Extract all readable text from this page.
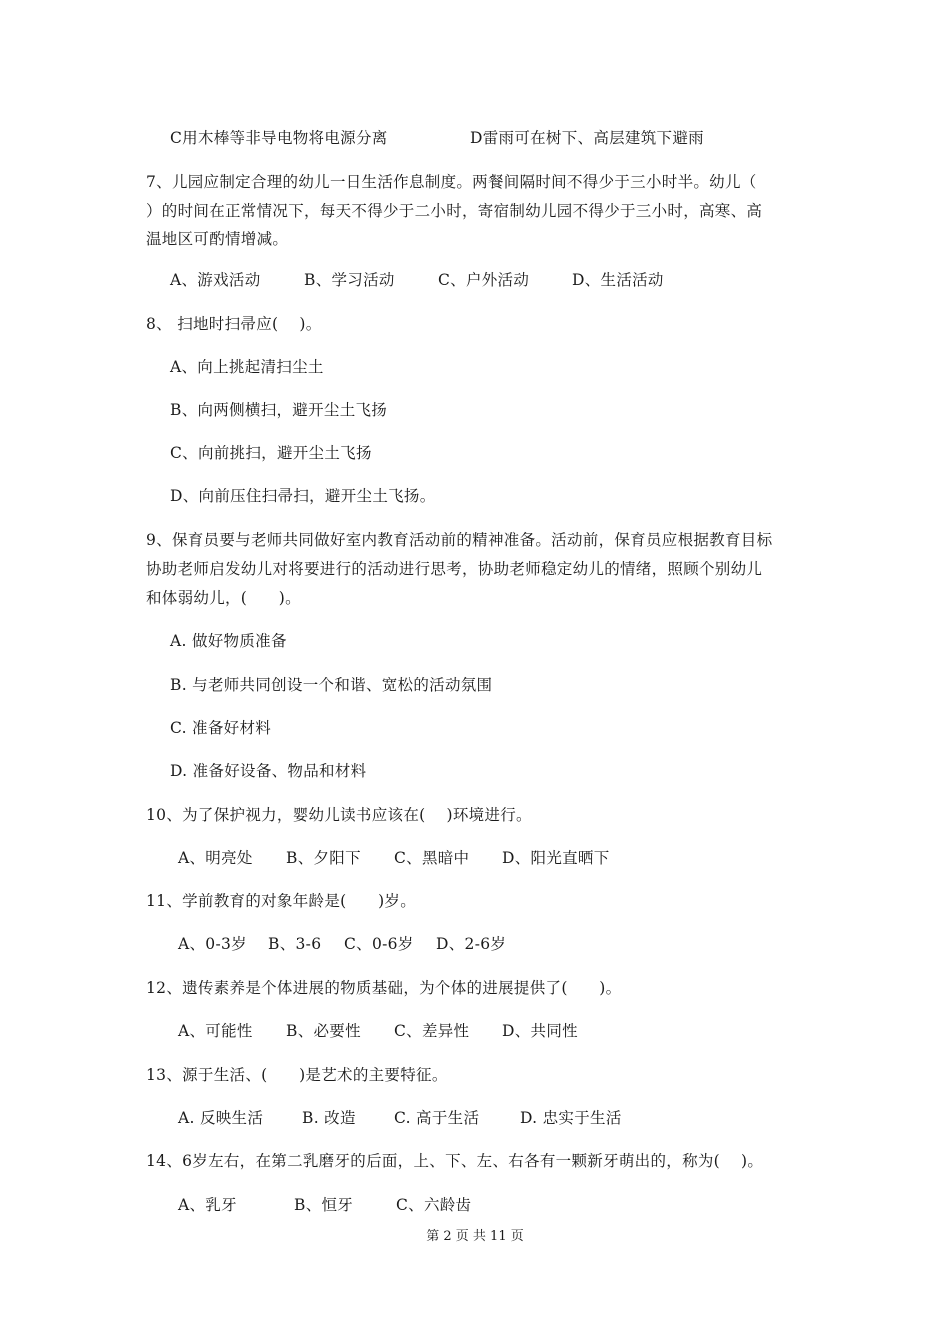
C用木棒等非导电物将电源分离	D雷雨可在树下、高层建筑下避雨
7、儿园应制定合理的幼儿一日生活作息制度。两餐间隔时间不得少于三小时半。幼儿（
）的时间在正常情况下，每天不得少于二小时，寄宿制幼儿园不得少于三小时，高寒、高
温地区可酌情增减。
A、游戏活动	B、学习活动	C、户外活动	D、生活活动
8、 扫地时扫帚应(　 )。
A、向上挑起清扫尘土
B、向两侧横扫，避开尘土飞扬
C、向前挑扫，避开尘土飞扬
D、向前压住扫帚扫，避开尘土飞扬。
9、保育员要与老师共同做好室内教育活动前的精神准备。活动前，保育员应根据教育目标
协助老师启发幼儿对将要进行的活动进行思考，协助老师稳定幼儿的情绪，照顾个别幼儿
和体弱幼儿，(　　)。
A. 做好物质准备
B. 与老师共同创设一个和谐、宽松的活动氛围
C. 准备好材料
D. 准备好设备、物品和材料
10、为了保护视力，婴幼儿读书应该在(　 )环境进行。
A、明亮处 B、夕阳下 C、黑暗中 D、阳光直晒下
11、学前教育的对象年龄是(　　)岁。
A、0-3岁 B、3-6 C、0-6岁 D、2-6岁
12、遗传素养是个体进展的物质基础，为个体的进展提供了(　　)。
A、可能性 B、必要性 C、差异性 D、共同性
13、源于生活、(　　)是艺术的主要特征。
A. 反映生活	B. 改造 C. 高于生活	D. 忠实于生活
14、6岁左右，在第二乳磨牙的后面，上、下、左、右各有一颗新牙萌出的，称为(　 )。
A、乳牙	B、恒牙	C、六龄齿
第 2 页 共 11 页
